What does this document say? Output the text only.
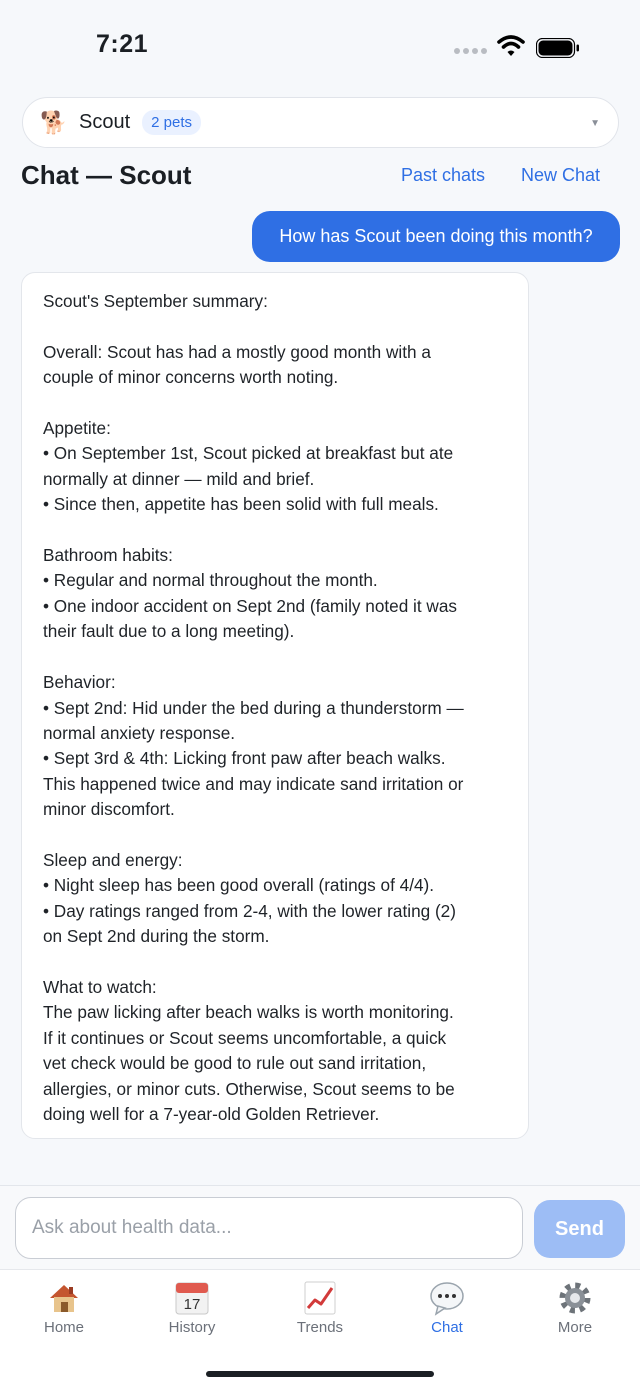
7:21
🐕 Scout	2 pets	▼
Chat — Scout	Past chats New Chat
How has Scout been doing this month?
Scout's September summary:

Overall: Scout has had a mostly good month with a
couple of minor concerns worth noting.

Appetite:
• On September 1st, Scout picked at breakfast but ate
normally at dinner — mild and brief.
• Since then, appetite has been solid with full meals.

Bathroom habits:
• Regular and normal throughout the month.
• One indoor accident on Sept 2nd (family noted it was
their fault due to a long meeting).

Behavior:
• Sept 2nd: Hid under the bed during a thunderstorm —
normal anxiety response.
• Sept 3rd & 4th: Licking front paw after beach walks.
This happened twice and may indicate sand irritation or
minor discomfort.

Sleep and energy:
• Night sleep has been good overall (ratings of 4/4).
• Day ratings ranged from 2-4, with the lower rating (2)
on Sept 2nd during the storm.

What to watch:
The paw licking after beach walks is worth monitoring.
If it continues or Scout seems uncomfortable, a quick
vet check would be good to rule out sand irritation,
allergies, or minor cuts. Otherwise, Scout seems to be
doing well for a 7-year-old Golden Retriever.
Ask about health data...
Send
Home
17
History	Trends	Chat	More
